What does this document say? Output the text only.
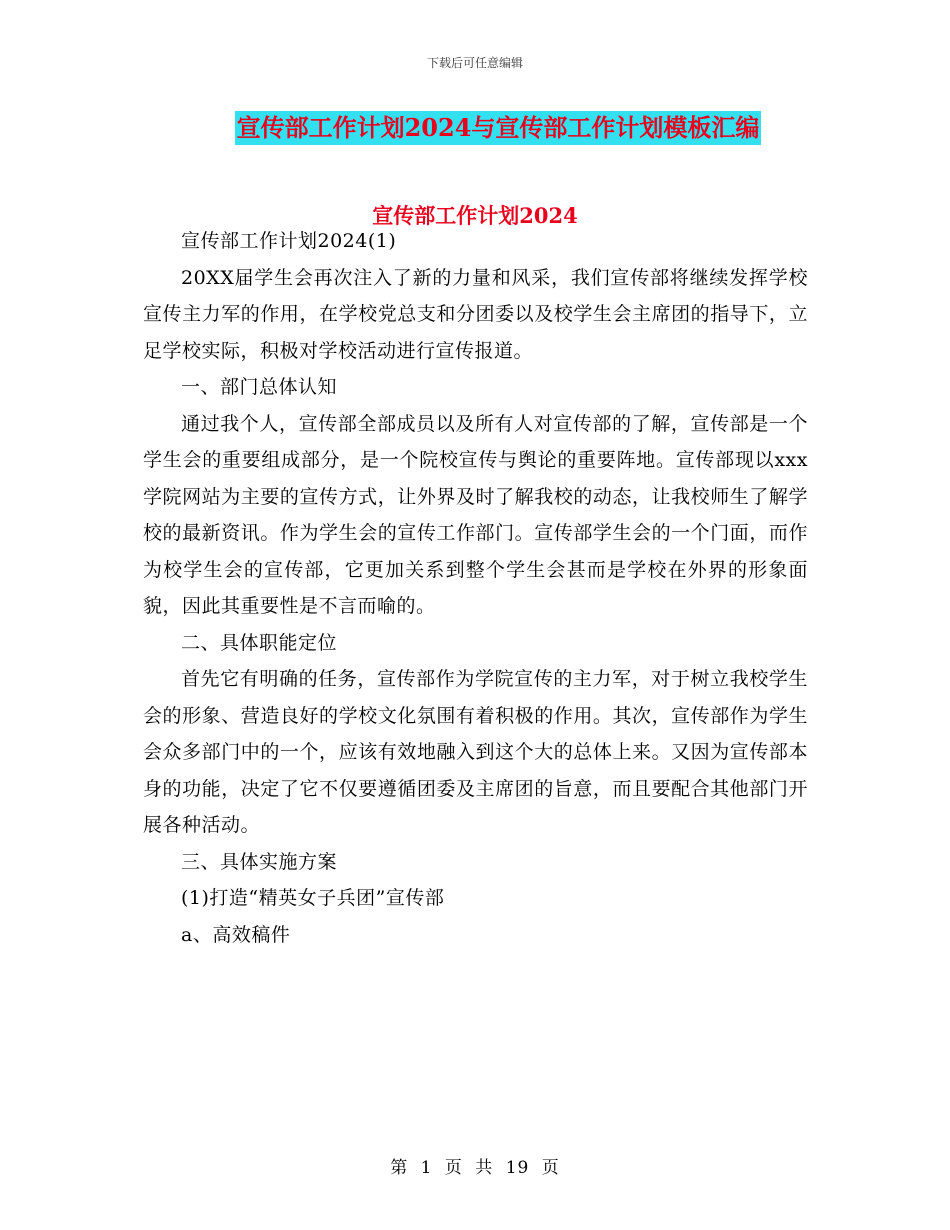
下载后可任意编辑
宣传部工作计划2024与宣传部工作计划模板汇编
宣传部工作计划2024

宣传部工作计划2024(1)

20XX届学生会再次注入了新的力量和风采，我们宣传部将继续发挥学校宣传主力军的作用，在学校党总支和分团委以及校学生会主席团的指导下，立足学校实际，积极对学校活动进行宣传报道。

一、部门总体认知

通过我个人，宣传部全部成员以及所有人对宣传部的了解，宣传部是一个学生会的重要组成部分，是一个院校宣传与舆论的重要阵地。宣传部现以xxx学院网站为主要的宣传方式，让外界及时了解我校的动态，让我校师生了解学校的最新资讯。作为学生会的宣传工作部门。宣传部学生会的一个门面，而作为校学生会的宣传部，它更加关系到整个学生会甚而是学校在外界的形象面貌，因此其重要性是不言而喻的。

二、具体职能定位

首先它有明确的任务，宣传部作为学院宣传的主力军，对于树立我校学生会的形象、营造良好的学校文化氛围有着积极的作用。其次，宣传部作为学生会众多部门中的一个，应该有效地融入到这个大的总体上来。又因为宣传部本身的功能，决定了它不仅要遵循团委及主席团的旨意，而且要配合其他部门开展各种活动。

三、具体实施方案

(1)打造“精英女子兵团”宣传部

a、高效稿件

第 1 页 共 19 页
